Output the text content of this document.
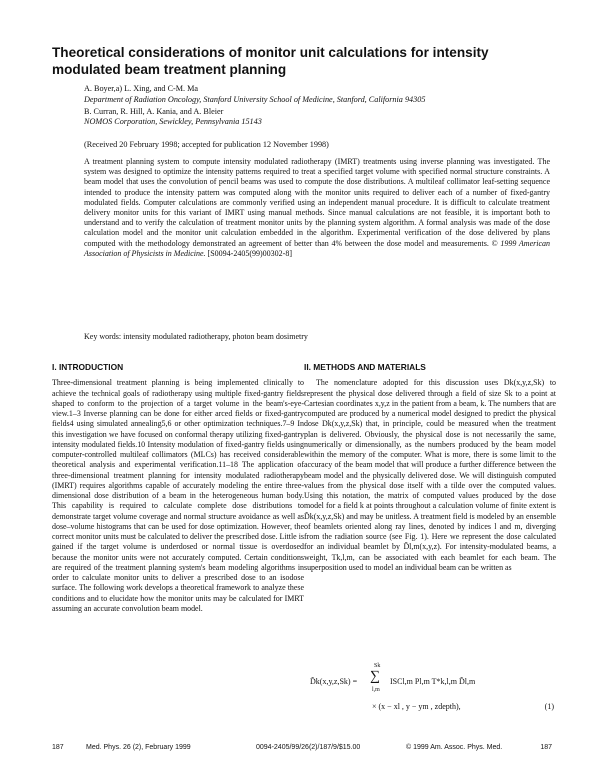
Theoretical considerations of monitor unit calculations for intensity modulated beam treatment planning
A. Boyer,a) L. Xing, and C-M. Ma
Department of Radiation Oncology, Stanford University School of Medicine, Stanford, California 94305
B. Curran, R. Hill, A. Kania, and A. Bleier
NOMOS Corporation, Sewickley, Pennsylvania 15143
(Received 20 February 1998; accepted for publication 12 November 1998)
A treatment planning system to compute intensity modulated radiotherapy (IMRT) treatments using inverse planning was investigated. The system was designed to optimize the intensity patterns required to treat a specified target volume with specified normal structure constraints. A beam model that uses the convolution of pencil beams was used to compute the dose distributions. A multileaf collimator leaf-setting sequence intended to produce the intensity pattern was computed along with the monitor units required to deliver each of a number of fixed-gantry modulated fields. Computer calculations are commonly verified using an independent manual procedure. It is difficult to calculate treatment delivery monitor units for this variant of IMRT using manual methods. Since manual calculations are not feasible, it is important both to understand and to verify the calculation of treatment monitor units by the planning system algorithm. A formal analysis was made of the dose calculation model and the monitor unit calculation embedded in the algorithm. Experimental verification of the dose delivered by plans computed with the methodology demonstrated an agreement of better than 4% between the dose model and measurements. © 1999 American Association of Physicists in Medicine. [S0094-2405(99)00302-8]
Key words: intensity modulated radiotherapy, photon beam dosimetry
I. INTRODUCTION

Three-dimensional treatment planning is being implemented clinically to achieve the technical goals of radiotherapy using multiple fixed-gantry fields shaped to conform to the projection of a target volume in the beam's-eye-view.1–3 Inverse planning can be done for either arced fields or fixed-gantry fields4 using simulated annealing5,6 or other optimization techniques.7–9 In this investigation we have focused on conformal therapy utilizing fixed-gantry intensity modulated fields.10 Intensity modulation of fixed-gantry fields using computer-controlled multileaf collimators (MLCs) has received considerable theoretical analysis and experimental verification.11–18 The application of three-dimensional treatment planning for intensity modulated radiotherapy (IMRT) requires algorithms capable of accurately modeling the entire three-dimensional dose distribution of a beam in the heterogeneous human body. This capability is required to calculate complete dose distributions to demonstrate target volume coverage and normal structure avoidance as well as dose–volume histograms that can be used for dose optimization. However, the correct monitor units must be calculated to deliver the prescribed dose. Little is gained if the target volume is underdosed or normal tissue is overdosed because the monitor units were not accurately computed. Certain conditions are required of the treatment planning system's beam modeling algorithms in order to calculate monitor units to deliver a prescribed dose to an isodose surface. The following work develops a theoretical framework to analyze these conditions and to elucidate how the monitor units may be calculated for IMRT assuming an accurate convolution beam model.

II. METHODS AND MATERIALS

The nomenclature adopted for this discussion uses Dk(x,y,z,Sk) to represent the physical dose delivered through a field of size Sk to a point at Cartesian coordinates x,y,z in the patient from a beam, k. The numbers that are computed are produced by a numerical model designed to predict the physical dose Dk(x,y,z,Sk) that, in principle, could be measured when the treatment plan is delivered. Obviously, the physical dose is not necessarily the same, numerically or dimensionally, as the numbers produced by the beam model within the memory of the computer. What is more, there is some limit to the accuracy of the beam model that will produce a further difference between the beam model and the physically delivered dose. We will distinguish computed values from the physical dose itself with a tilde over the computed values. Using this notation, the matrix of computed values produced by the dose model for a field k at points throughout a calculation volume of finite extent is D̃k(x,y,z,Sk) and may be unitless. A treatment field is modeled by an ensemble of beamlets oriented along ray lines, denoted by indices l and m, diverging from the radiation source (see Fig. 1). Here we represent the dose calculated for an individual beamlet by D̃l,m(x,y,z). For intensity-modulated beams, a weight, Tk,l,m, can be associated with each beamlet for each beam. The superposition used to model an individual beam can be written as

D̃k(x,y,z,Sk) =
Sk
∑
l,m
ISCl,m Pl,m T*k,l,m D̃l,m
× (x − xl , y − ym , zdepth),	(1)
187	Med. Phys. 26 (2), February 1999	0094-2405/99/26(2)/187/9/$15.00	© 1999 Am. Assoc. Phys. Med.	187
